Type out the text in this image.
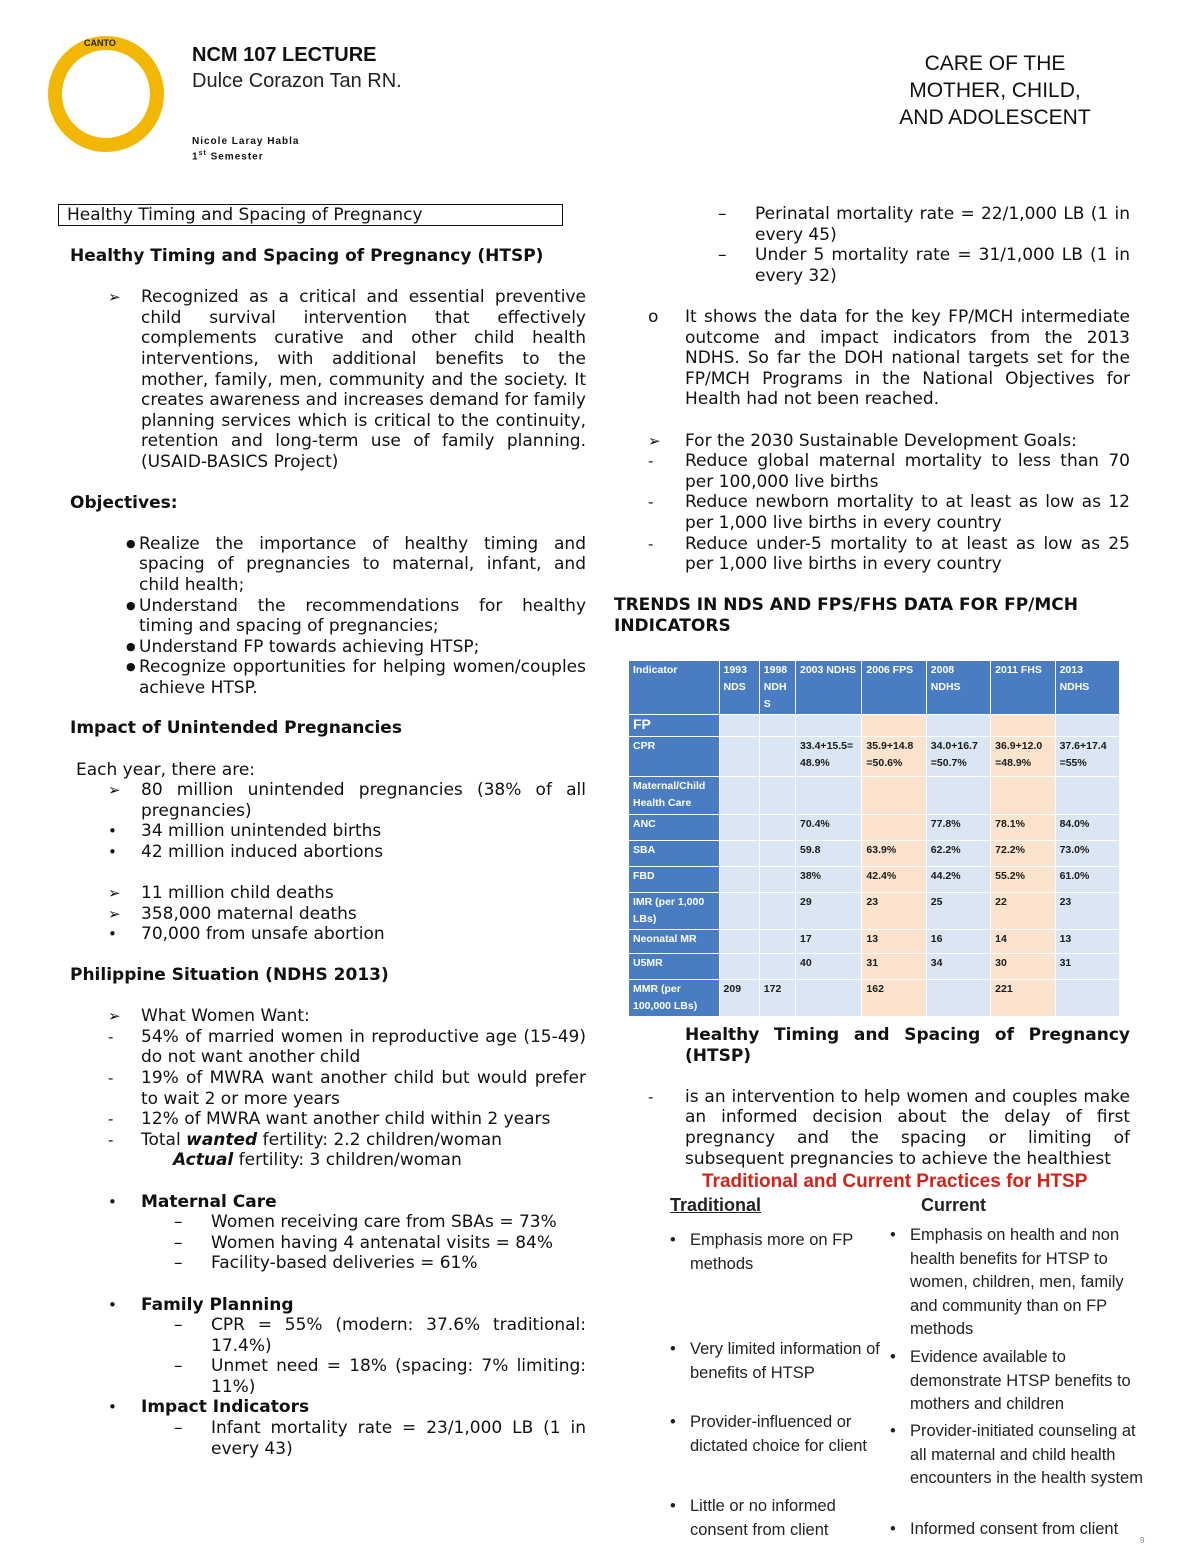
CANTO
NCM 107 LECTURE
Dulce Corazon Tan RN.
Nicole Laray Habla
1st Semester
CARE OF THE
MOTHER, CHILD,
AND ADOLESCENT
Healthy Timing and Spacing of Pregnancy
Healthy Timing and Spacing of Pregnancy (HTSP)
➢ Recognized as a critical and essential preventive child survival intervention that effectively complements curative and other child health interventions, with additional benefits to the mother, family, men, community and the society. It creates awareness and increases demand for family planning services which is critical to the continuity, retention and long-term use of family planning. (USAID-BASICS Project)
Objectives:
● Realize the importance of healthy timing and spacing of pregnancies to maternal, infant, and child health;
● Understand the recommendations for healthy timing and spacing of pregnancies;
● Understand FP towards achieving HTSP;
● Recognize opportunities for helping women/couples achieve HTSP.
Impact of Unintended Pregnancies
Each year, there are:
➢ 80 million unintended pregnancies (38% of all pregnancies)
• 34 million unintended births
• 42 million induced abortions
➢ 11 million child deaths
➢ 358,000 maternal deaths
• 70,000 from unsafe abortion
Philippine Situation (NDHS 2013)
➢ What Women Want:
- 54% of married women in reproductive age (15-49) do not want another child
- 19% of MWRA want another child but would prefer to wait 2 or more years
- 12% of MWRA want another child within 2 years
- Total wanted fertility: 2.2 children/woman
Actual fertility: 3 children/woman
• Maternal Care
– Women receiving care from SBAs = 73%
– Women having 4 antenatal visits = 84%
– Facility-based deliveries = 61%
• Family Planning
– CPR = 55% (modern: 37.6% traditional: 17.4%)
– Unmet need = 18% (spacing: 7% limiting: 11%)
• Impact Indicators
– Infant mortality rate = 23/1,000 LB (1 in every 43)
– Perinatal mortality rate = 22/1,000 LB (1 in every 45)
– Under 5 mortality rate = 31/1,000 LB (1 in every 32)
o It shows the data for the key FP/MCH intermediate outcome and impact indicators from the 2013 NDHS. So far the DOH national targets set for the FP/MCH Programs in the National Objectives for Health had not been reached.
➢ For the 2030 Sustainable Development Goals:
- Reduce global maternal mortality to less than 70 per 100,000 live births
- Reduce newborn mortality to at least as low as 12 per 1,000 live births in every country
- Reduce under-5 mortality to at least as low as 25 per 1,000 live births in every country
TRENDS IN NDS AND FPS/FHS DATA FOR FP/MCH INDICATORS
Indicator	1993 NDS	1998 NDH S	2003 NDHS	2006 FPS	2008 NDHS	2011 FHS	2013 NDHS
FP							
CPR			33.4+15.5= 48.9%	35.9+14.8 =50.6%	34.0+16.7 =50.7%	36.9+12.0 =48.9%	37.6+17.4 =55%
Maternal/Child Health Care							
ANC			70.4%		77.8%	78.1%	84.0%
SBA			59.8	63.9%	62.2%	72.2%	73.0%
FBD			38%	42.4%	44.2%	55.2%	61.0%
IMR (per 1,000 LBs)			29	23	25	22	23
Neonatal MR			17	13	16	14	13
U5MR			40	31	34	30	31
MMR (per 100,000 LBs)	209	172		162		221	
Healthy Timing and Spacing of Pregnancy (HTSP)
- is an intervention to help women and couples make an informed decision about the delay of first pregnancy and the spacing or limiting of subsequent pregnancies to achieve the healthiest
Traditional and Current Practices for HTSP
Traditional	Current
• Emphasis more on FP methods
• Very limited information of benefits of HTSP
• Provider-influenced or dictated choice for client
• Little or no informed consent from client
• Emphasis on health and non health benefits for HTSP to women, children, men, family and community than on FP methods
• Evidence available to demonstrate HTSP benefits to mothers and children
• Provider-initiated counseling at all maternal and child health encounters in the health system
• Informed consent from client
9
